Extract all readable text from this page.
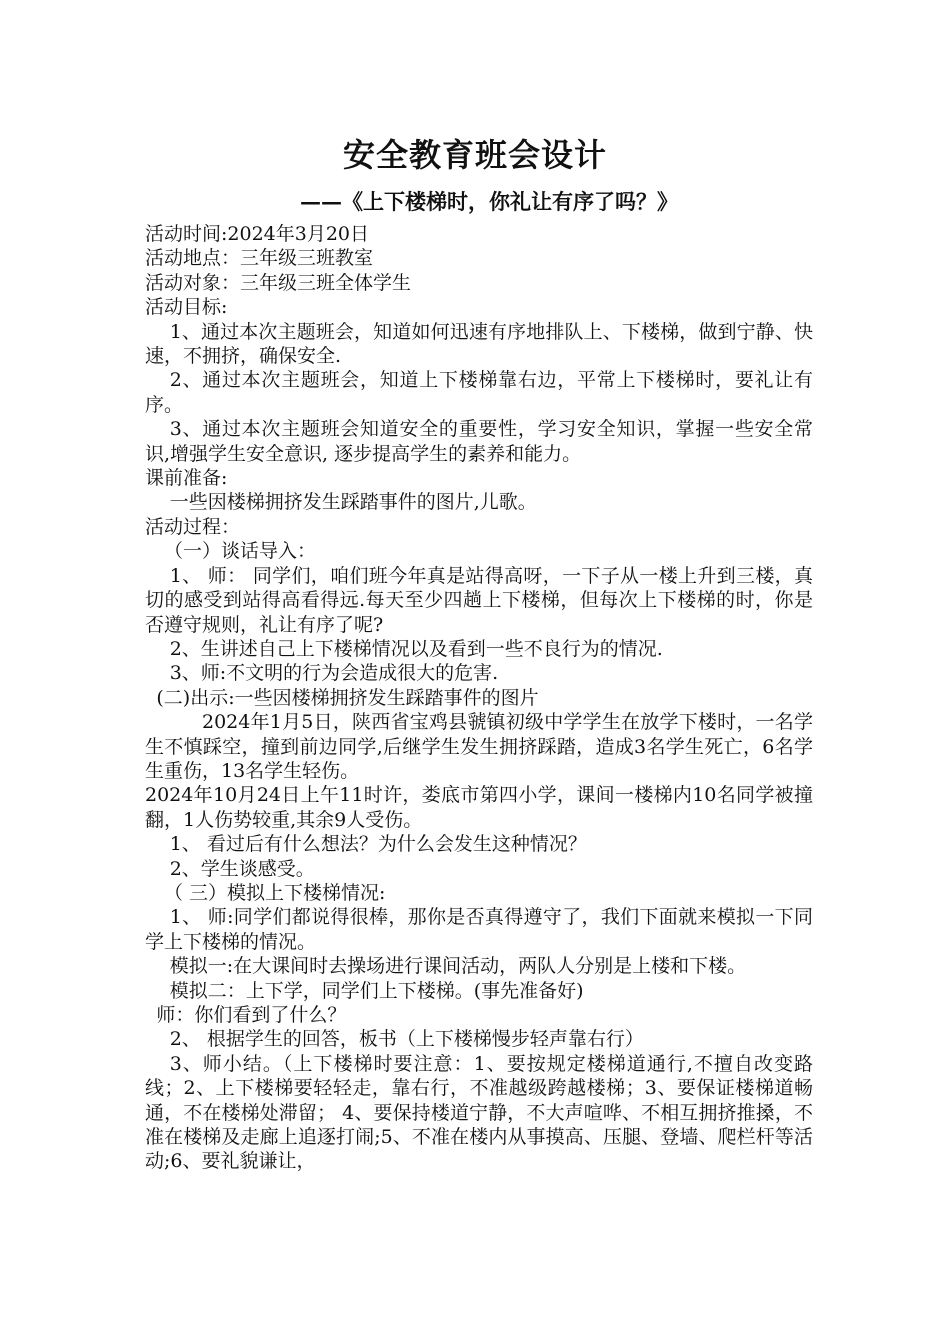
安全教育班会设计
——《上下楼梯时，你礼让有序了吗？》

活动时间:2024年3月20日

活动地点：三年级三班教室

活动对象：三年级三班全体学生

活动目标:

1、通过本次主题班会，知道如何迅速有序地排队上、下楼梯，做到宁静、快速，不拥挤，确保安全.

2、通过本次主题班会，知道上下楼梯靠右边，平常上下楼梯时，要礼让有序。

3、通过本次主题班会知道安全的重要性，学习安全知识，掌握一些安全常识,增强学生安全意识, 逐步提高学生的素养和能力。

课前准备:

一些因楼梯拥挤发生踩踏事件的图片,儿歌。

活动过程：

（一）谈话导入：

1、 师： 同学们，咱们班今年真是站得高呀，一下子从一楼上升到三楼，真切的感受到站得高看得远.每天至少四趟上下楼梯，但每次上下楼梯的时，你是否遵守规则，礼让有序了呢?

2、生讲述自己上下楼梯情况以及看到一些不良行为的情况.

3、师:不文明的行为会造成很大的危害.

(二)出示:一些因楼梯拥挤发生踩踏事件的图片

2024年1月5日，陕西省宝鸡县虢镇初级中学学生在放学下楼时，一名学生不慎踩空，撞到前边同学,后继学生发生拥挤踩踏，造成3名学生死亡，6名学生重伤，13名学生轻伤。

2024年10月24日上午11时许，娄底市第四小学，课间一楼梯内10名同学被撞翻，1人伤势较重,其余9人受伤。

1、 看过后有什么想法？为什么会发生这种情况？

2、学生谈感受。

（ 三）模拟上下楼梯情况:

1、 师:同学们都说得很棒，那你是否真得遵守了，我们下面就来模拟一下同学上下楼梯的情况。

模拟一:在大课间时去操场进行课间活动，两队人分别是上楼和下楼。

模拟二：上下学，同学们上下楼梯。(事先准备好)

师：你们看到了什么？

2、 根据学生的回答，板书（上下楼梯慢步轻声靠右行）

3、师小结。（上下楼梯时要注意：1、要按规定楼梯道通行,不擅自改变路线；2、上下楼梯要轻轻走，靠右行，不准越级跨越楼梯；3、要保证楼梯道畅通，不在楼梯处滞留； 4、要保持楼道宁静，不大声喧哗、不相互拥挤推搡，不准在楼梯及走廊上追逐打闹;5、不准在楼内从事摸高、压腿、登墙、爬栏杆等活动;6、要礼貌谦让，
